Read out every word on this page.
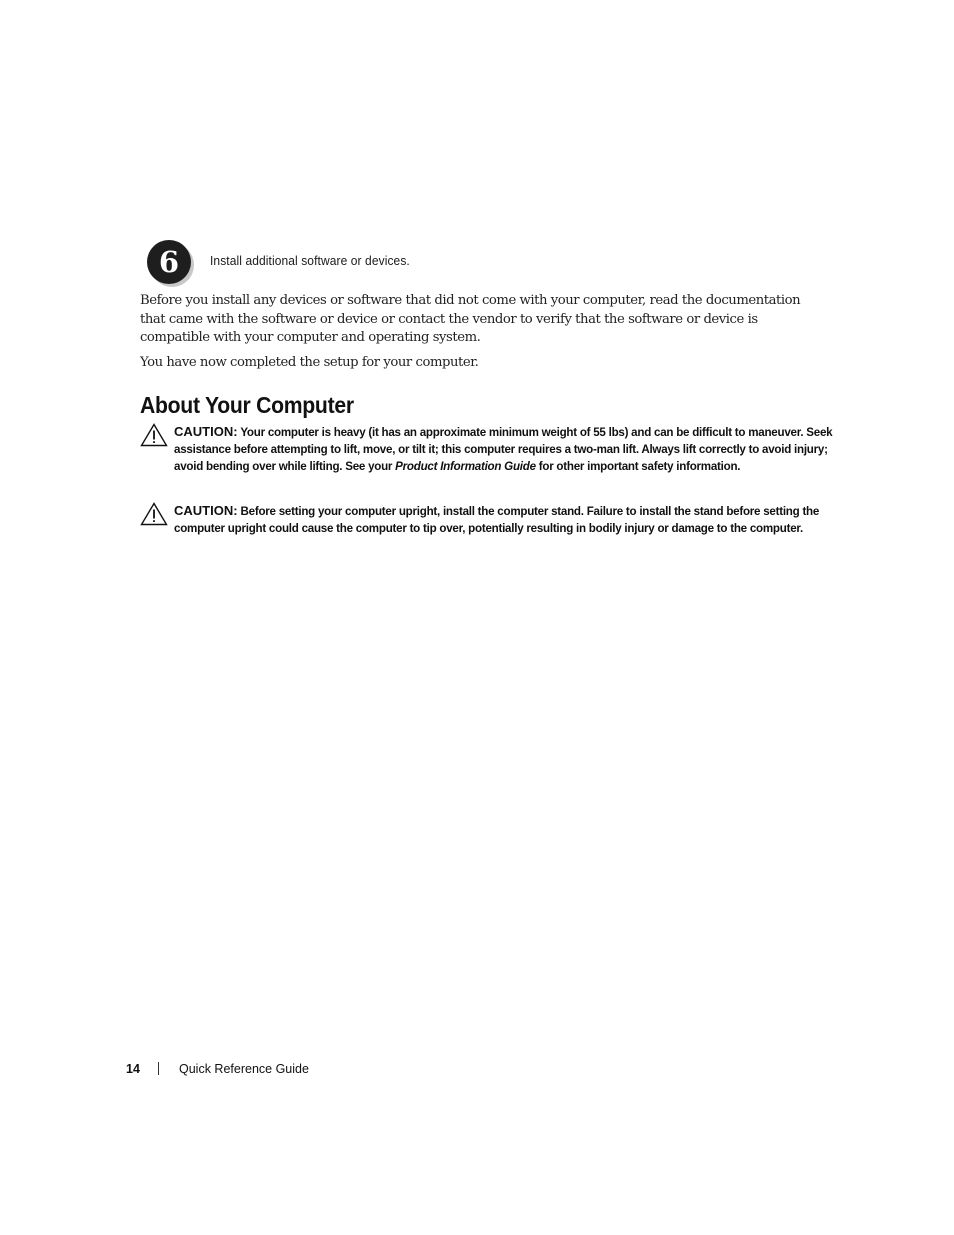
6 Install additional software or devices.

Before you install any devices or software that did not come with your computer, read the documentation that came with the software or device or contact the vendor to verify that the software or device is compatible with your computer and operating system.

You have now completed the setup for your computer.

About Your Computer

CAUTION: Your computer is heavy (it has an approximate minimum weight of 55 lbs) and can be difficult to maneuver. Seek assistance before attempting to lift, move, or tilt it; this computer requires a two-man lift. Always lift correctly to avoid injury; avoid bending over while lifting. See your Product Information Guide for other important safety information.

CAUTION: Before setting your computer upright, install the computer stand. Failure to install the stand before setting the computer upright could cause the computer to tip over, potentially resulting in bodily injury or damage to the computer.

14	Quick Reference Guide
